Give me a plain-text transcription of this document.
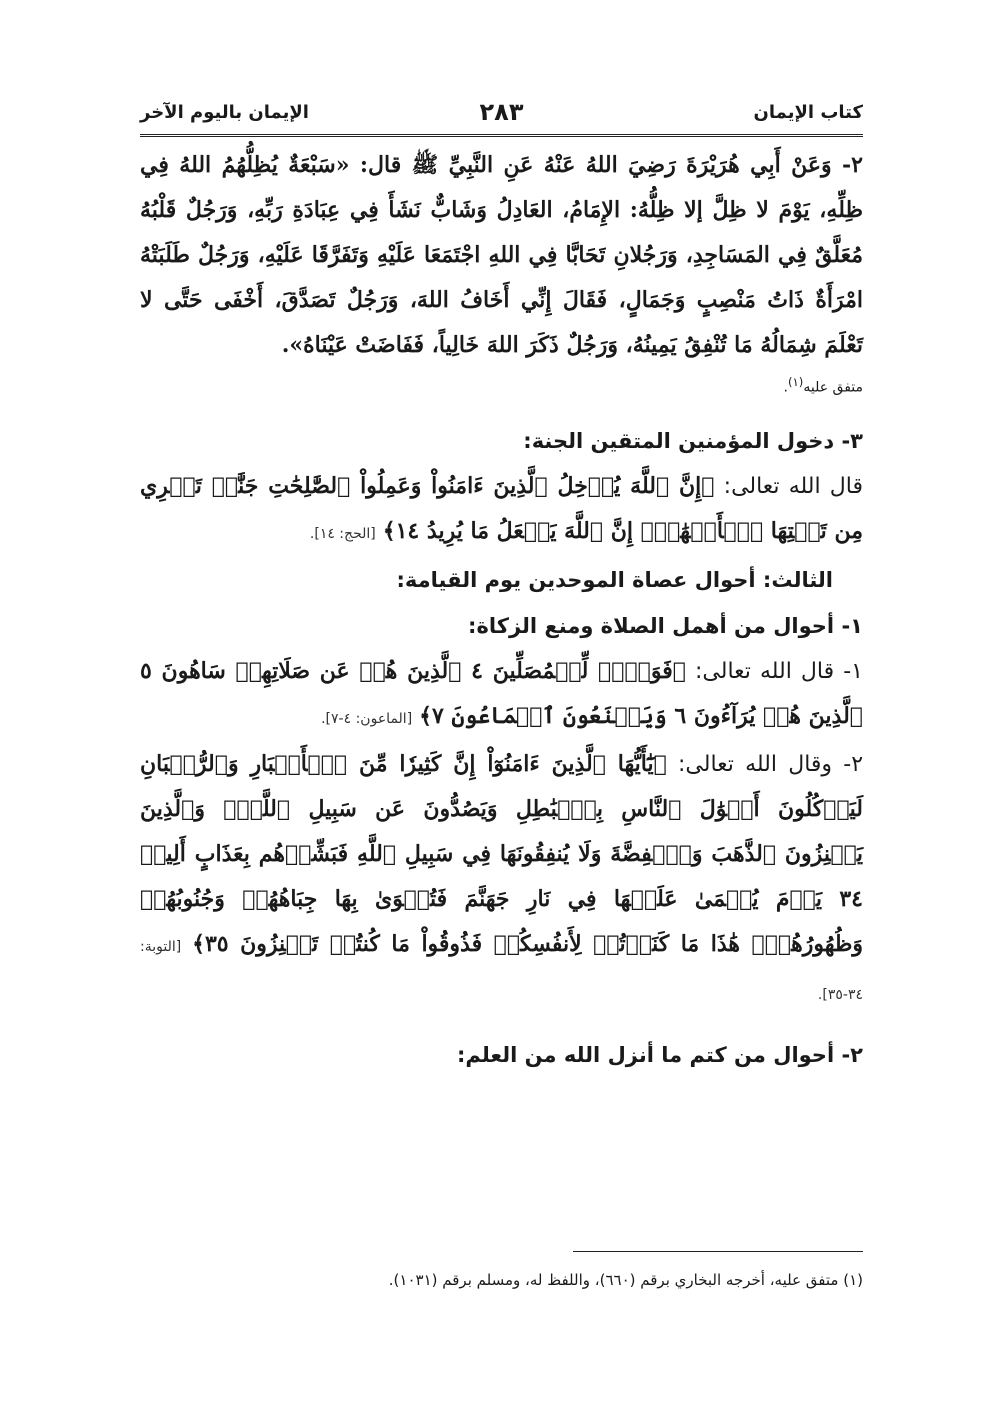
كتاب الإيمان
٢٨٣
الإيمان باليوم الآخر

٢- وَعَنْ أَبِي هُرَيْرَةَ رَضِيَ اللهُ عَنْهُ عَنِ النَّبِيِّ ﷺ قال: «سَبْعَةٌ يُظِلُّهُمُ اللهُ فِي ظِلِّهِ، يَوْمَ لا ظِلَّ إلا ظِلُّهُ: الإِمَامُ، العَادِلُ وَشَابٌّ نَشَأَ فِي عِبَادَةِ رَبِّهِ، وَرَجُلٌ قَلْبُهُ مُعَلَّقٌ فِي المَسَاجِدِ، وَرَجُلانِ تَحَابَّا فِي اللهِ اجْتَمَعَا عَلَيْهِ وَتَفَرَّقَا عَلَيْهِ، وَرَجُلٌ طَلَبَتْهُ امْرَأَةٌ ذَاتُ مَنْصِبٍ وَجَمَالٍ، فَقَالَ إِنِّي أَخَافُ اللهَ، وَرَجُلٌ تَصَدَّقَ، أَخْفَى حَتَّى لا تَعْلَمَ شِمَالُهُ مَا تُنْفِقُ يَمِينُهُ، وَرَجُلٌ ذَكَرَ اللهَ خَالِياً، فَفَاضَتْ عَيْنَاهُ».

متفق عليه$^{(١)}$.

٣- دخول المؤمنين المتقين الجنة:

قال الله تعالى: ﴿إِنَّ ٱللَّهَ يُدۡخِلُ ٱلَّذِينَ ءَامَنُواْ وَعَمِلُواْ ٱلصَّٰلِحَٰتِ جَنَّٰتٖ تَجۡرِي مِن تَحۡتِهَا ٱلۡأَنۡهَٰرُۚ إِنَّ ٱللَّهَ يَفۡعَلُ مَا يُرِيدُ ١٤﴾ [الحج: ١٤].

الثالث: أحوال عصاة الموحدين يوم القيامة:

١- أحوال من أهمل الصلاة ومنع الزكاة:

١- قال الله تعالى: ﴿فَوَيۡلٞ لِّلۡمُصَلِّينَ ٤ ٱلَّذِينَ هُمۡ عَن صَلَاتِهِمۡ سَاهُونَ ٥ ٱلَّذِينَ هُمۡ يُرَآءُونَ ٦ وَيَمۡنَعُونَ ٱلۡمَاعُونَ ٧﴾ [الماعون: ٤-٧].

٢- وقال الله تعالى: ﴿يَٰٓأَيُّهَا ٱلَّذِينَ ءَامَنُوٓاْ إِنَّ كَثِيرٗا مِّنَ ٱلۡأَحۡبَارِ وَٱلرُّهۡبَانِ لَيَأۡكُلُونَ أَمۡوَٰلَ ٱلنَّاسِ بِٱلۡبَٰطِلِ وَيَصُدُّونَ عَن سَبِيلِ ٱللَّهِۗ وَٱلَّذِينَ يَكۡنِزُونَ ٱلذَّهَبَ وَٱلۡفِضَّةَ وَلَا يُنفِقُونَهَا فِي سَبِيلِ ٱللَّهِ فَبَشِّرۡهُم بِعَذَابٍ أَلِيمٖ ٣٤ يَوۡمَ يُحۡمَىٰ عَلَيۡهَا فِي نَارِ جَهَنَّمَ فَتُكۡوَىٰ بِهَا جِبَاهُهُمۡ وَجُنُوبُهُمۡ وَظُهُورُهُمۡۖ هَٰذَا مَا كَنَزۡتُمۡ لِأَنفُسِكُمۡ فَذُوقُواْ مَا كُنتُمۡ تَكۡنِزُونَ ٣٥﴾ [التوبة: ٣٤-٣٥].

٢- أحوال من كتم ما أنزل الله من العلم:

(١) متفق عليه، أخرجه البخاري برقم (٦٦٠)، واللفظ له، ومسلم برقم (١٠٣١).
